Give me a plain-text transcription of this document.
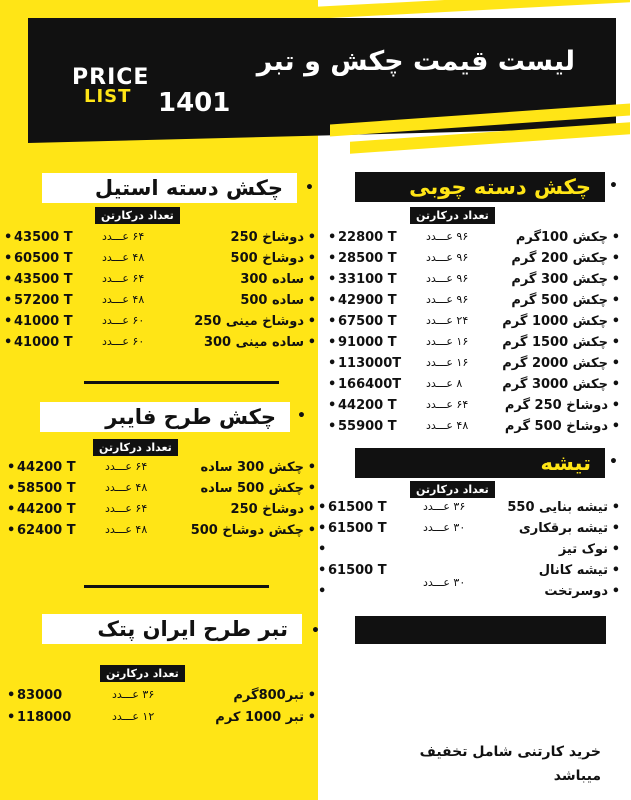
لیست قیمت چکش و تبر
PRICE
LIST 1401
•
چکش دسته چوبی
تعداد درکارتن
•
چکش 100گرم
۹۶ عـــدد
• 22800 T
•
چکش 200 گرم
۹۶ عـــدد
• 28500 T
•
چکش 300 گرم
۹۶ عـــدد
• 33100 T
•
چکش 500 گرم
۹۶ عـــدد
• 42900 T
•
چکش 1000 گرم
۲۴ عـــدد
• 67500 T
•
چکش 1500 گرم
۱۶ عـــدد
• 91000 T
•
چکش 2000 گرم
۱۶ عـــدد
• 113000T
•
چکش 3000 گرم
۸ عـــدد
• 166400T
•
دوشاخ 250 گرم
۶۴ عـــدد
• 44200 T
•
دوشاخ 500 گرم
۴۸ عـــدد
• 55900 T
•
چکش دسته استیل
تعداد درکارتن
•
دوشاخ 250
۶۴ عـــدد
• 43500 T
•
دوشاخ 500
۴۸ عـــدد
• 60500 T
•
ساده 300
۶۴ عـــدد
• 43500 T
•
ساده 500
۴۸ عـــدد
• 57200 T
•
دوشاخ مینی 250
۶۰ عـــدد
• 41000 T
•
ساده مینی 300
۶۰ عـــدد
• 41000 T
•
چکش طرح فایبر
تعداد درکارتن
•
چکش 300 ساده
۶۴ عـــدد
• 44200 T
•
چکش 500 ساده
۴۸ عـــدد
• 58500 T
•
دوشاخ 250
۶۴ عـــدد
• 44200 T
•
چکش دوشاخ 500
۴۸ عـــدد
• 62400 T
•
تیشه
تعداد درکارتن
•
تیشه بنایی 550
۳۶ عـــدد
• 61500 T
•
تیشه برقکاری
۳۰ عـــدد
• 61500 T
•
نوک تیز
•
•
تیشه کانال
• 61500 T
•
دوسرتخت
۳۰ عـــدد
•
•
تبر طرح ایران پتک
تعداد درکارتن
•
تبر800گرم
۳۶ عـــدد
• 83000
•
تبر 1000 کرم
۱۲ عـــدد
• 118000
خرید کارتنی شامل تخفیف میباشد
